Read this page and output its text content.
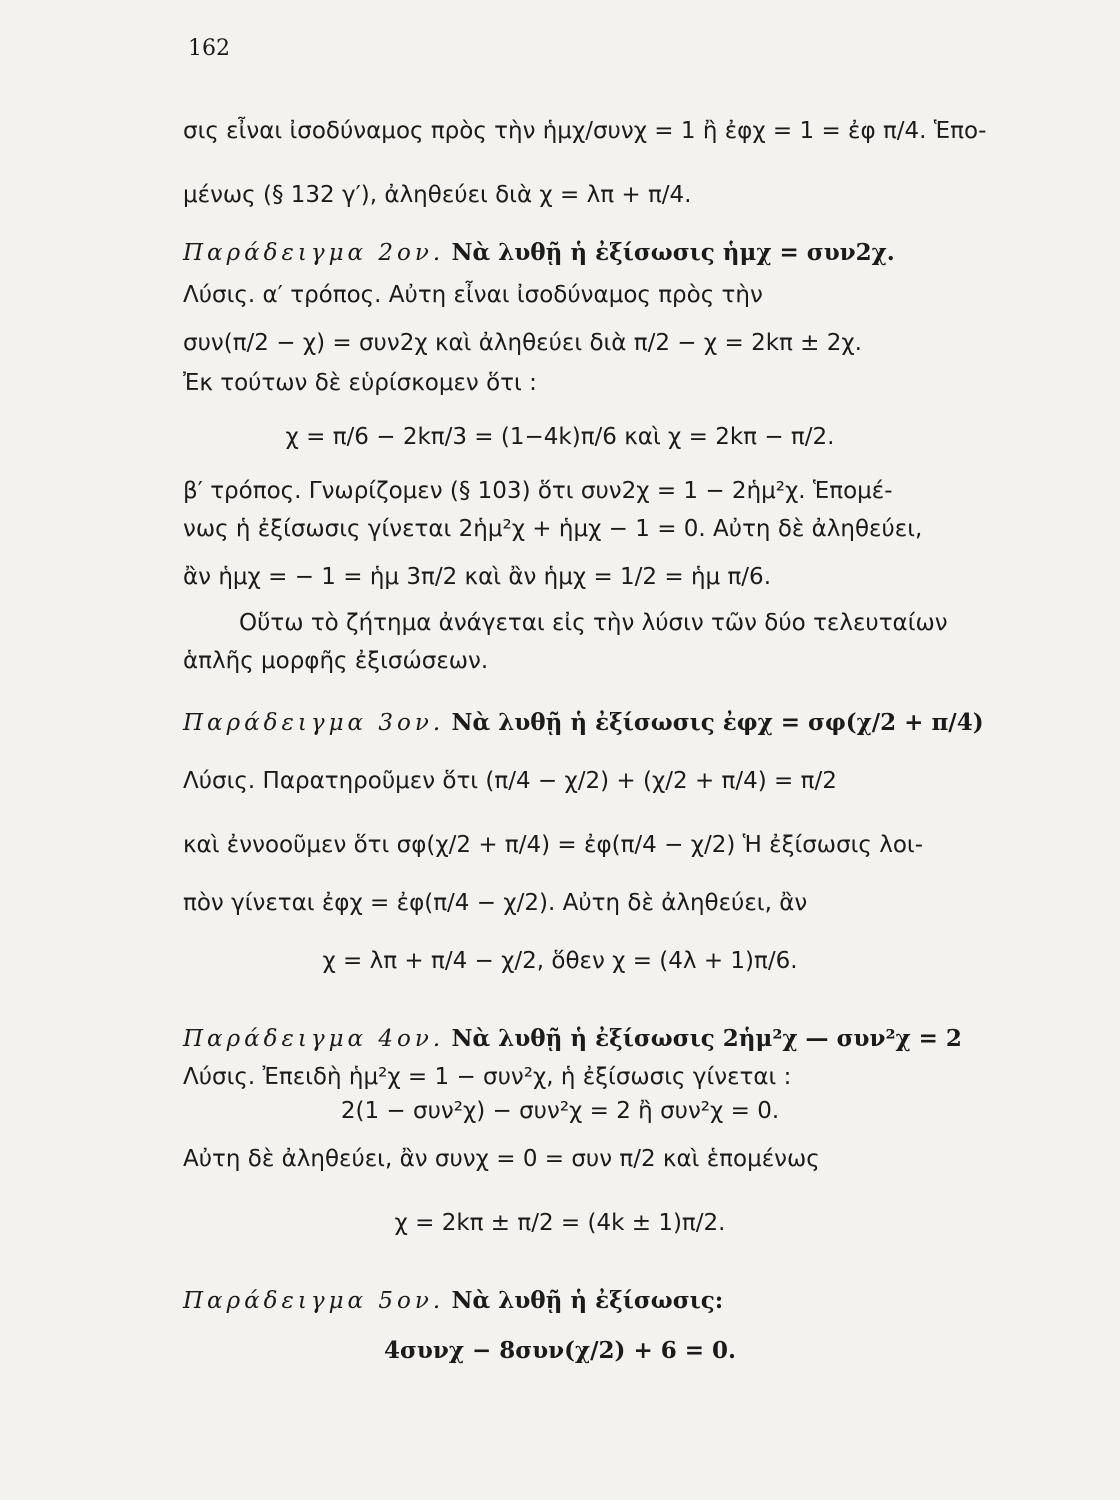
162
σις εἶναι ἰσοδύναμος πρὸς τὴν ἡμχ/συνχ = 1 ἢ ἐφχ = 1 = ἐφ π/4. Ἑπο-
μένως (§ 132 γ′), ἀληθεύει διὰ χ = λπ + π/4.
Παράδειγμα 2ον. Νὰ λυθῇ ἡ ἐξίσωσις ἡμχ = συν2χ.
Λύσις. α′ τρόπος. Αὐτη εἶναι ἰσοδύναμος πρὸς τὴν
συν(π/2 − χ) = συν2χ καὶ ἀληθεύει διὰ π/2 − χ = 2kπ ± 2χ.
Ἐκ τούτων δὲ εὑρίσκομεν ὅτι :
χ = π/6 − 2kπ/3 = (1−4k)π/6 καὶ χ = 2kπ − π/2.
β′ τρόπος. Γνωρίζομεν (§ 103) ὅτι συν2χ = 1 − 2ἡμ²χ. Ἑπομέ-
νως ἡ ἐξίσωσις γίνεται 2ἡμ²χ + ἡμχ − 1 = 0. Αὐτη δὲ ἀληθεύει,
ἂν ἡμχ = − 1 = ἡμ 3π/2 καὶ ἂν ἡμχ = 1/2 = ἡμ π/6.
Οὕτω τὸ ζήτημα ἀνάγεται εἰς τὴν λύσιν τῶν δύο τελευταίων
ἁπλῆς μορφῆς ἐξισώσεων.
Παράδειγμα 3ον. Νὰ λυθῇ ἡ ἐξίσωσις ἐφχ = σφ(χ/2 + π/4)
Λύσις. Παρατηροῦμεν ὅτι (π/4 − χ/2) + (χ/2 + π/4) = π/2
καὶ ἐννοοῦμεν ὅτι σφ(χ/2 + π/4) = ἐφ(π/4 − χ/2) Ἡ ἐξίσωσις λοι-
πὸν γίνεται ἐφχ = ἐφ(π/4 − χ/2). Αὐτη δὲ ἀληθεύει, ἂν
χ = λπ + π/4 − χ/2, ὅθεν χ = (4λ + 1)π/6.
Παράδειγμα 4ον. Νὰ λυθῇ ἡ ἐξίσωσις 2ἡμ²χ — συν²χ = 2
Λύσις. Ἐπειδὴ ἡμ²χ = 1 − συν²χ, ἡ ἐξίσωσις γίνεται :
2(1 − συν²χ) − συν²χ = 2 ἢ συν²χ = 0.
Αὐτη δὲ ἀληθεύει, ἂν συνχ = 0 = συν π/2 καὶ ἑπομένως
χ = 2kπ ± π/2 = (4k ± 1)π/2.
Παράδειγμα 5ον. Νὰ λυθῇ ἡ ἐξίσωσις:
4συνχ − 8συν(χ/2) + 6 = 0.
